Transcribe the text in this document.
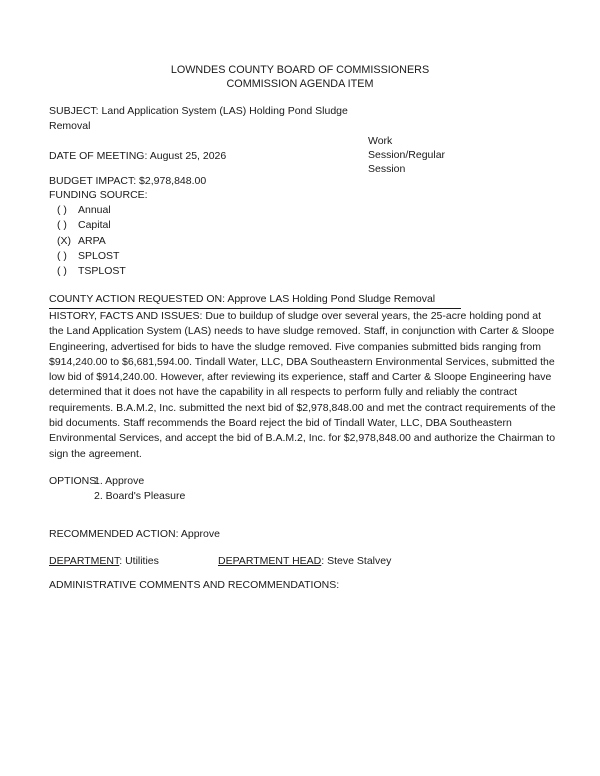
LOWNDES COUNTY BOARD OF COMMISSIONERS
COMMISSION AGENDA ITEM
SUBJECT: Land Application System (LAS) Holding Pond Sludge Removal
Work
Session/Regular
Session
DATE OF MEETING: August 25, 2026
BUDGET IMPACT: $2,978,848.00
FUNDING SOURCE:
( )	Annual
( )	Capital
(X) ARPA
( )	SPLOST
( )	TSPLOST
COUNTY ACTION REQUESTED ON: Approve LAS Holding Pond Sludge Removal
HISTORY, FACTS AND ISSUES: Due to buildup of sludge over several years, the 25-acre holding pond at the Land Application System (LAS) needs to have sludge removed. Staff, in conjunction with Carter & Sloope Engineering, advertised for bids to have the sludge removed. Five companies submitted bids ranging from $914,240.00 to $6,681,594.00. Tindall Water, LLC, DBA Southeastern Environmental Services, submitted the low bid of $914,240.00. However, after reviewing its experience, staff and Carter & Sloope Engineering have determined that it does not have the capability in all respects to perform fully and reliably the contract requirements. B.A.M.2, Inc. submitted the next bid of $2,978,848.00 and met the contract requirements of the bid documents. Staff recommends the Board reject the bid of Tindall Water, LLC, DBA Southeastern Environmental Services, and accept the bid of B.A.M.2, Inc. for $2,978,848.00 and authorize the Chairman to sign the agreement.
OPTIONS:
1. Approve
2. Board's Pleasure
RECOMMENDED ACTION: Approve
DEPARTMENT: Utilities	DEPARTMENT HEAD: Steve Stalvey
ADMINISTRATIVE COMMENTS AND RECOMMENDATIONS:
